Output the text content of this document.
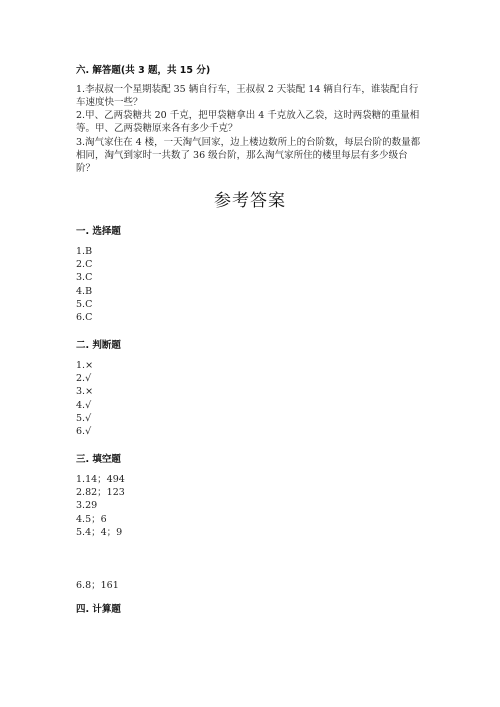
六. 解答题(共 3 题，共 15 分)
1.李叔叔一个星期装配 35 辆自行车，王叔叔 2 天装配 14 辆自行车，谁装配自行车速度快一些？
2.甲、乙两袋糖共 20 千克，把甲袋糖拿出 4 千克放入乙袋，这时两袋糖的重量相等。甲、乙两袋糖原来各有多少千克？
3.淘气家住在 4 楼，一天淘气回家，边上楼边数所上的台阶数，每层台阶的数量都相同，淘气到家时一共数了 36 级台阶，那么淘气家所住的楼里每层有多少级台阶？
参考答案
一. 选择题
1.B
2.C
3.C
4.B
5.C
6.C
二. 判断题
1.×
2.√
3.×
4.√
5.√
6.√
三. 填空题
1.14；494
2.82；123
3.29
4.5；6
5.4；4；9
6.8；161
四. 计算题
